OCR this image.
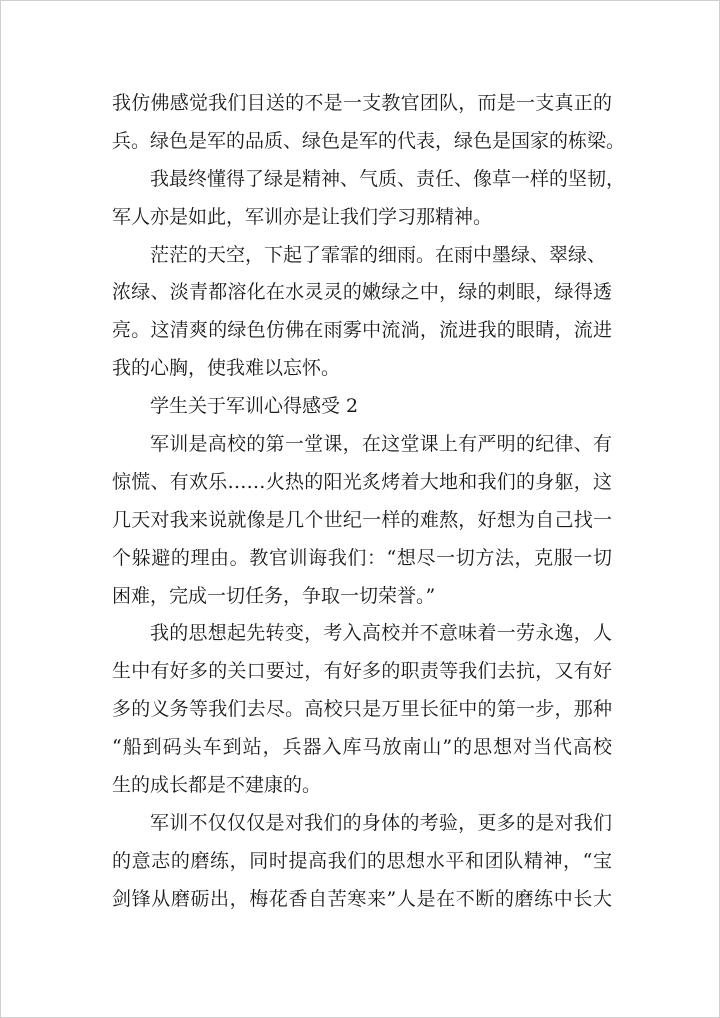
我仿佛感觉我们目送的不是一支教官团队，而是一支真正的
兵。绿色是军的品质、绿色是军的代表，绿色是国家的栋梁。
我最终懂得了绿是精神、气质、责任、像草一样的坚韧，
军人亦是如此，军训亦是让我们学习那精神。
茫茫的天空，下起了霏霏的细雨。在雨中墨绿、翠绿、
浓绿、淡青都溶化在水灵灵的嫩绿之中，绿的刺眼，绿得透
亮。这清爽的绿色仿佛在雨雾中流淌，流进我的眼睛，流进
我的心胸，使我难以忘怀。
学生关于军训心得感受 2
军训是高校的第一堂课，在这堂课上有严明的纪律、有
惊慌、有欢乐……火热的阳光炙烤着大地和我们的身躯，这
几天对我来说就像是几个世纪一样的难熬，好想为自己找一
个躲避的理由。教官训诲我们：“想尽一切方法，克服一切
困难，完成一切任务，争取一切荣誉。”
我的思想起先转变，考入高校并不意味着一劳永逸，人
生中有好多的关口要过，有好多的职责等我们去抗，又有好
多的义务等我们去尽。高校只是万里长征中的第一步，那种
“船到码头车到站，兵器入库马放南山”的思想对当代高校
生的成长都是不建康的。
军训不仅仅仅是对我们的身体的考验，更多的是对我们
的意志的磨练，同时提高我们的思想水平和团队精神，“宝
剑锋从磨砺出，梅花香自苦寒来”人是在不断的磨练中长大
